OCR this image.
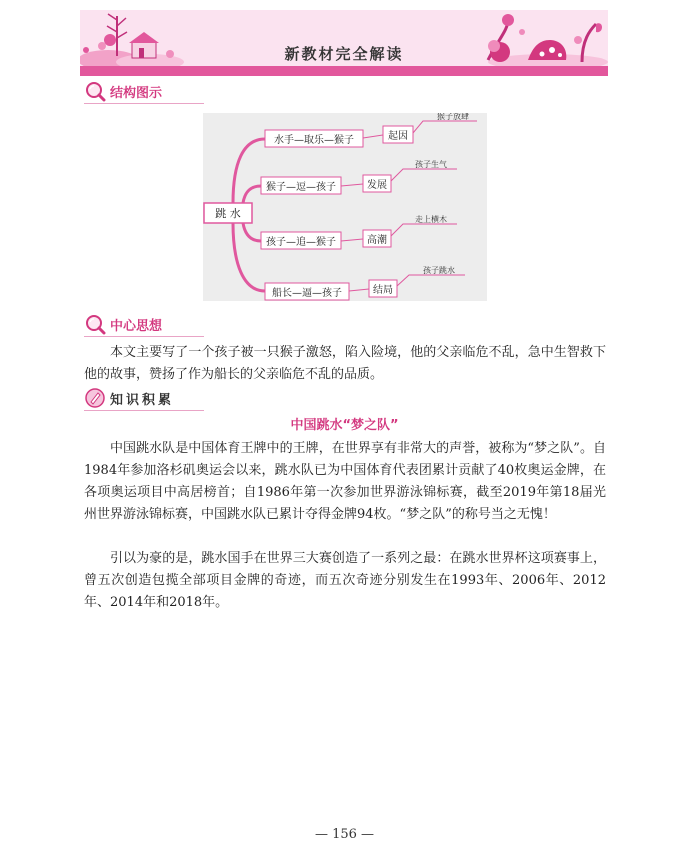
新教材完全解读
结构图示
跳 水
水手—取乐—猴子	起因
猴子放肆
猴子—逗—孩子	发展
孩子生气
孩子—追—猴子	高潮
走上横木
船长—逼—孩子	结局
孩子跳水
中心思想

本文主要写了一个孩子被一只猴子激怒，陷入险境，他的父亲临危不乱，急中生智救下他的故事，赞扬了作为船长的父亲临危不乱的品质。

知识积累
中国跳水“梦之队”

中国跳水队是中国体育王牌中的王牌，在世界享有非常大的声誉，被称为“梦之队”。自1984年参加洛杉矶奥运会以来，跳水队已为中国体育代表团累计贡献了40枚奥运金牌，在各项奥运项目中高居榜首；自1986年第一次参加世界游泳锦标赛，截至2019年第18届光州世界游泳锦标赛，中国跳水队已累计夺得金牌94枚。“梦之队”的称号当之无愧！

引以为豪的是，跳水国手在世界三大赛创造了一系列之最：在跳水世界杯这项赛事上，曾五次创造包揽全部项目金牌的奇迹，而五次奇迹分别发生在1993年、2006年、2012年、2014年和2018年。

— 156 —
